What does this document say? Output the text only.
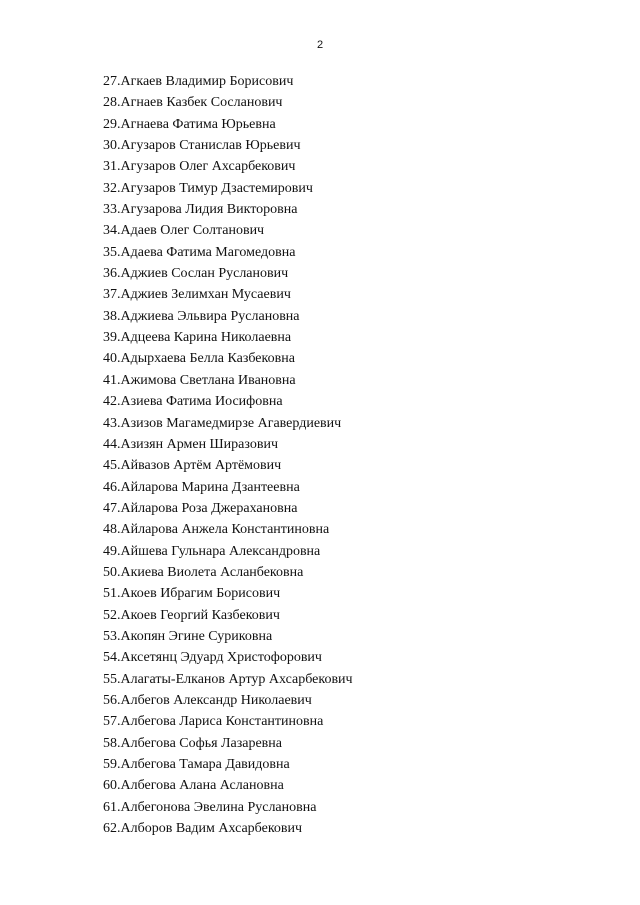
2
27.Агкаев Владимир Борисович
28.Агнаев Казбек Сосланович
29.Агнаева Фатима Юрьевна
30.Агузаров Станислав Юрьевич
31.Агузаров Олег Ахсарбекович
32.Агузаров Тимур Дзастемирович
33.Агузарова Лидия Викторовна
34.Адаев Олег Солтанович
35.Адаева Фатима Магомедовна
36.Аджиев Сослан Русланович
37.Аджиев Зелимхан Мусаевич
38.Аджиева Эльвира Руслановна
39.Адцеева Карина Николаевна
40.Адырхаева Белла Казбековна
41.Ажимова Светлана Ивановна
42.Азиева Фатима Иосифовна
43.Азизов Магамедмирзе Агавердиевич
44.Азизян Армен Ширазович
45.Айвазов Артём Артёмович
46.Айларова Марина Дзантеевна
47.Айларова Роза Джерахановна
48.Айларова Анжела Константиновна
49.Айшева Гульнара Александровна
50.Акиева Виолета Асланбековна
51.Акоев Ибрагим Борисович
52.Акоев Георгий Казбекович
53.Акопян Эгине Суриковна
54.Аксетянц Эдуард Христофорович
55.Алагаты-Елканов Артур Ахсарбекович
56.Албегов Александр Николаевич
57.Албегова Лариса Константиновна
58.Албегова Софья Лазаревна
59.Албегова Тамара Давидовна
60.Албегова Алана Аслановна
61.Албегонова Эвелина Руслановна
62.Алборов Вадим Ахсарбекович
